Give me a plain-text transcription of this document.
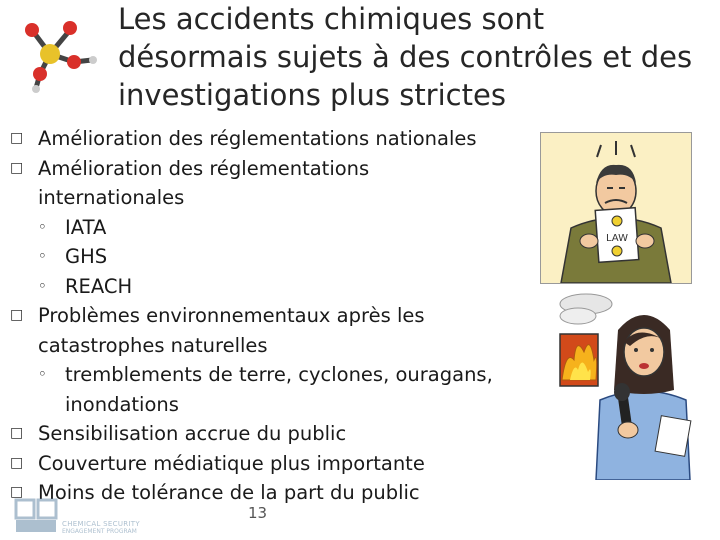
Les accidents chimiques sont désormais sujets à des contrôles et des investigations plus strictes
□ Amélioration des réglementations nationales
□ Amélioration des réglementations internationales
◦ IATA
◦ GHS
◦ REACH
□ Problèmes environnementaux après les catastrophes naturelles
◦ tremblements de terre, cyclones, ouragans, inondations
□ Sensibilisation accrue du public
□ Couverture médiatique plus importante
□ Moins de tolérance de la part du public
LAW
CHEMICAL SECURITY
ENGAGEMENT PROGRAM
13
